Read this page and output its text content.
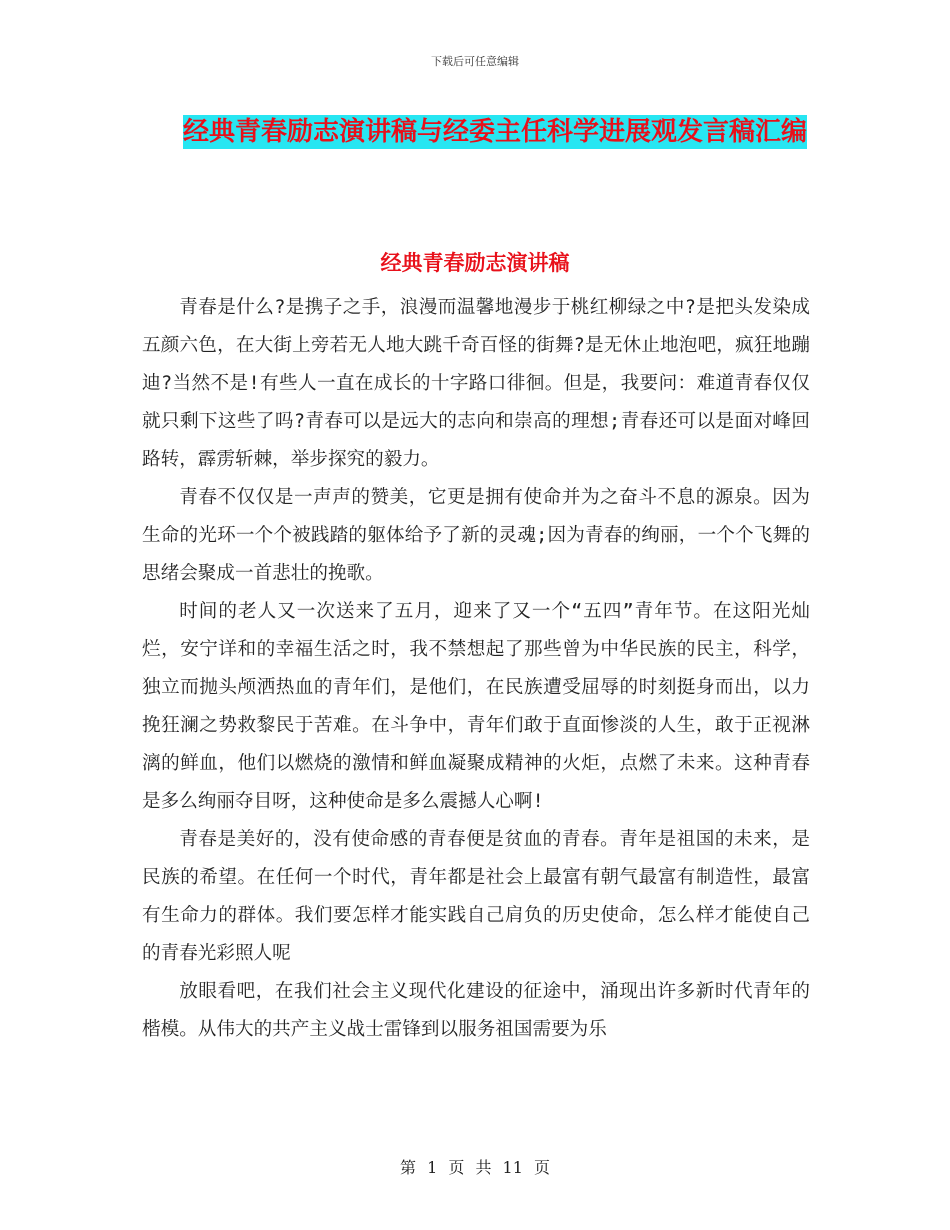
下载后可任意编辑
经典青春励志演讲稿与经委主任科学进展观发言稿汇编
经典青春励志演讲稿

青春是什么?是携子之手，浪漫而温馨地漫步于桃红柳绿之中?是把头发染成五颜六色，在大街上旁若无人地大跳千奇百怪的街舞?是无休止地泡吧，疯狂地蹦迪?当然不是!有些人一直在成长的十字路口徘徊。但是，我要问：难道青春仅仅就只剩下这些了吗?青春可以是远大的志向和崇高的理想;青春还可以是面对峰回路转，霹雳斩棘，举步探究的毅力。

青春不仅仅是一声声的赞美，它更是拥有使命并为之奋斗不息的源泉。因为生命的光环一个个被践踏的躯体给予了新的灵魂;因为青春的绚丽，一个个飞舞的思绪会聚成一首悲壮的挽歌。

时间的老人又一次送来了五月，迎来了又一个“五四”青年节。在这阳光灿烂，安宁详和的幸福生活之时，我不禁想起了那些曾为中华民族的民主，科学，独立而抛头颅洒热血的青年们，是他们，在民族遭受屈辱的时刻挺身而出，以力挽狂澜之势救黎民于苦难。在斗争中，青年们敢于直面惨淡的人生，敢于正视淋漓的鲜血，他们以燃烧的激情和鲜血凝聚成精神的火炬，点燃了未来。这种青春是多么绚丽夺目呀，这种使命是多么震撼人心啊!

青春是美好的，没有使命感的青春便是贫血的青春。青年是祖国的未来，是民族的希望。在任何一个时代，青年都是社会上最富有朝气最富有制造性，最富有生命力的群体。我们要怎样才能实践自己肩负的历史使命，怎么样才能使自己的青春光彩照人呢

放眼看吧，在我们社会主义现代化建设的征途中，涌现出许多新时代青年的楷模。从伟大的共产主义战士雷锋到以服务祖国需要为乐

第 1 页 共 11 页
